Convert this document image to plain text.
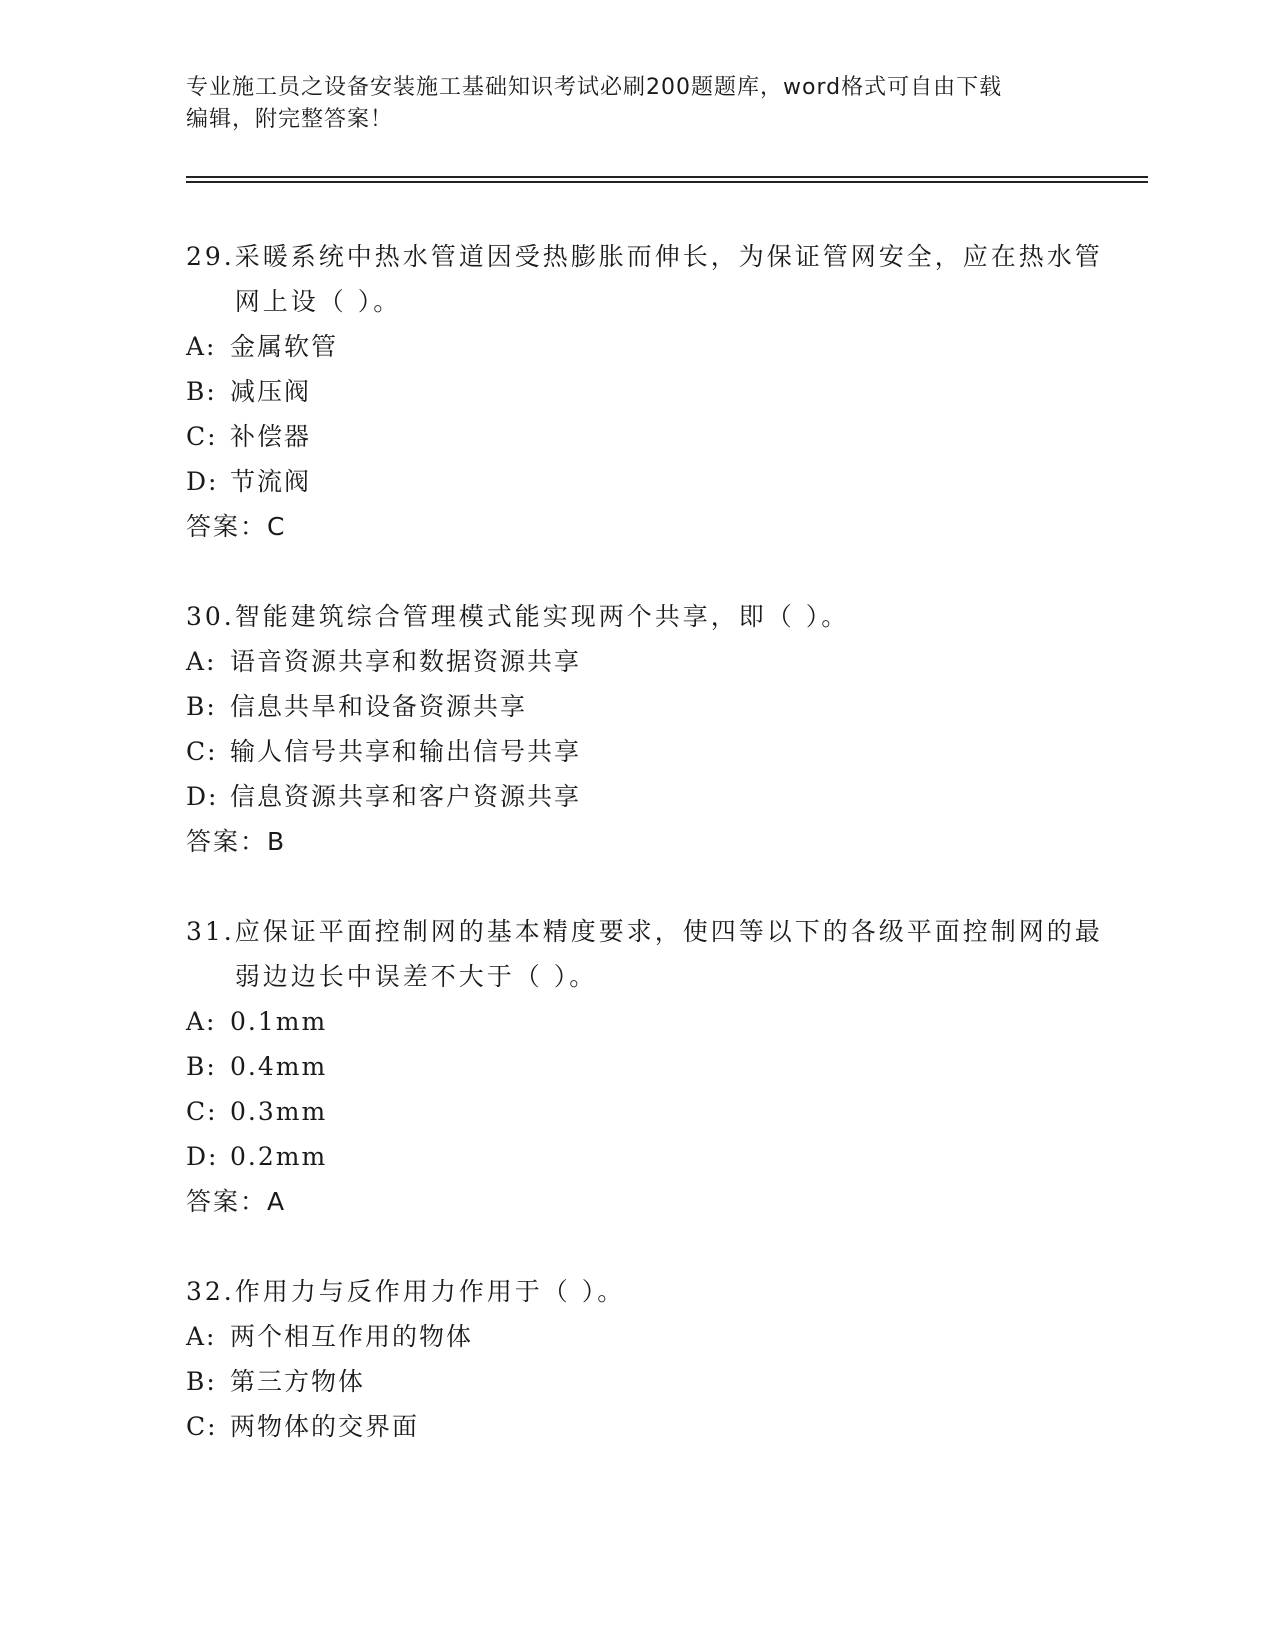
专业施工员之设备安装施工基础知识考试必刷200题题库，word格式可自由下载
编辑，附完整答案！
29. 采暖系统中热水管道因受热膨胀而伸长，为保证管网安全，应在热水管网上设（ ）。
A: 金属软管
B: 减压阀
C: 补偿器
D: 节流阀
答案：C
30. 智能建筑综合管理模式能实现两个共享，即（ ）。
A: 语音资源共享和数据资源共享
B: 信息共旱和设备资源共享
C: 输人信号共享和输出信号共享
D: 信息资源共享和客户资源共享
答案：B
31. 应保证平面控制网的基本精度要求，使四等以下的各级平面控制网的最弱边边长中误差不大于（ ）。
A: 0.1mm
B: 0.4mm
C: 0.3mm
D: 0.2mm
答案：A
32. 作用力与反作用力作用于（ ）。
A: 两个相互作用的物体
B: 第三方物体
C: 两物体的交界面
